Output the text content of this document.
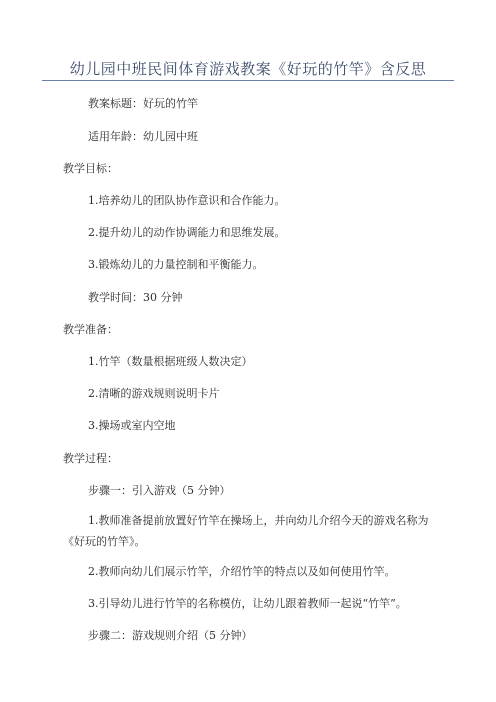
幼儿园中班民间体育游戏教案《好玩的竹竿》含反思
教案标题：好玩的竹竿
适用年龄：幼儿园中班
教学目标：
1.培养幼儿的团队协作意识和合作能力。
2.提升幼儿的动作协调能力和思维发展。
3.锻炼幼儿的力量控制和平衡能力。
教学时间：30 分钟
教学准备：
1.竹竿（数量根据班级人数决定）
2.清晰的游戏规则说明卡片
3.操场或室内空地
教学过程：
步骤一：引入游戏（5 分钟）
1.教师准备提前放置好竹竿在操场上，并向幼儿介绍今天的游戏名称为《好玩的竹竿》。
2.教师向幼儿们展示竹竿，介绍竹竿的特点以及如何使用竹竿。
3.引导幼儿进行竹竿的名称模仿，让幼儿跟着教师一起说“竹竿”。
步骤二：游戏规则介绍（5 分钟）
